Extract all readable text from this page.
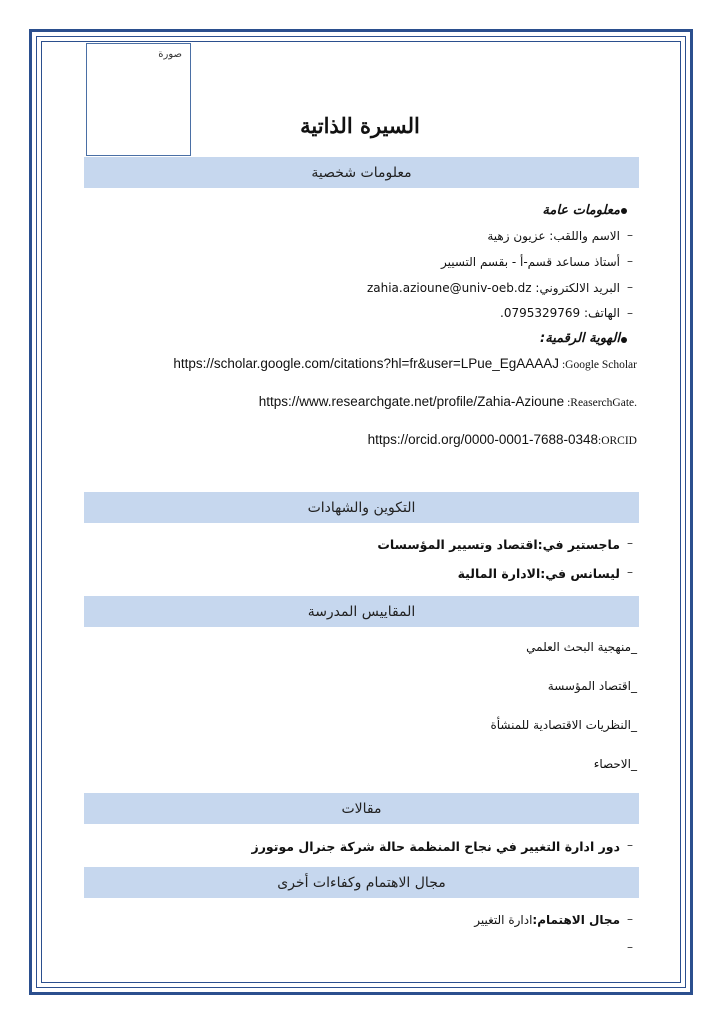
صورة
السيرة الذاتية
معلومات شخصية
معلومات عامة
–
الاسم واللقب: عزيون زهية
–
أستاذ مساعد قسم-أ - بقسم التسيير
–
البريد الالكتروني: zahia.azioune@univ-oeb.dz
–
الهاتف: 0795329769.
الهوية الرقمية:
https://scholar.google.com/citations?hl=fr&user=LPue_EgAAAAJ :Google Scholar
https://www.researchgate.net/profile/Zahia-Azioune :ReaserchGate.
https://orcid.org/0000-0001-7688-0348:ORCID
التكوين والشهادات
–
ماجستير في:اقتصاد وتسيير المؤسسات
–
ليسانس في:الادارة المالية
المقاييس المدرسة
_منهجية البحث العلمي
_اقتصاد المؤسسة
_النظريات الاقتصادية للمنشأة
_الاحصاء
مقالات
–
دور ادارة التغيير في نجاح المنظمة حالة شركة جنرال موتورز
مجال الاهتمام وكفاءات أخرى
–
مجال الاهتمام:ادارة التغيير
–
